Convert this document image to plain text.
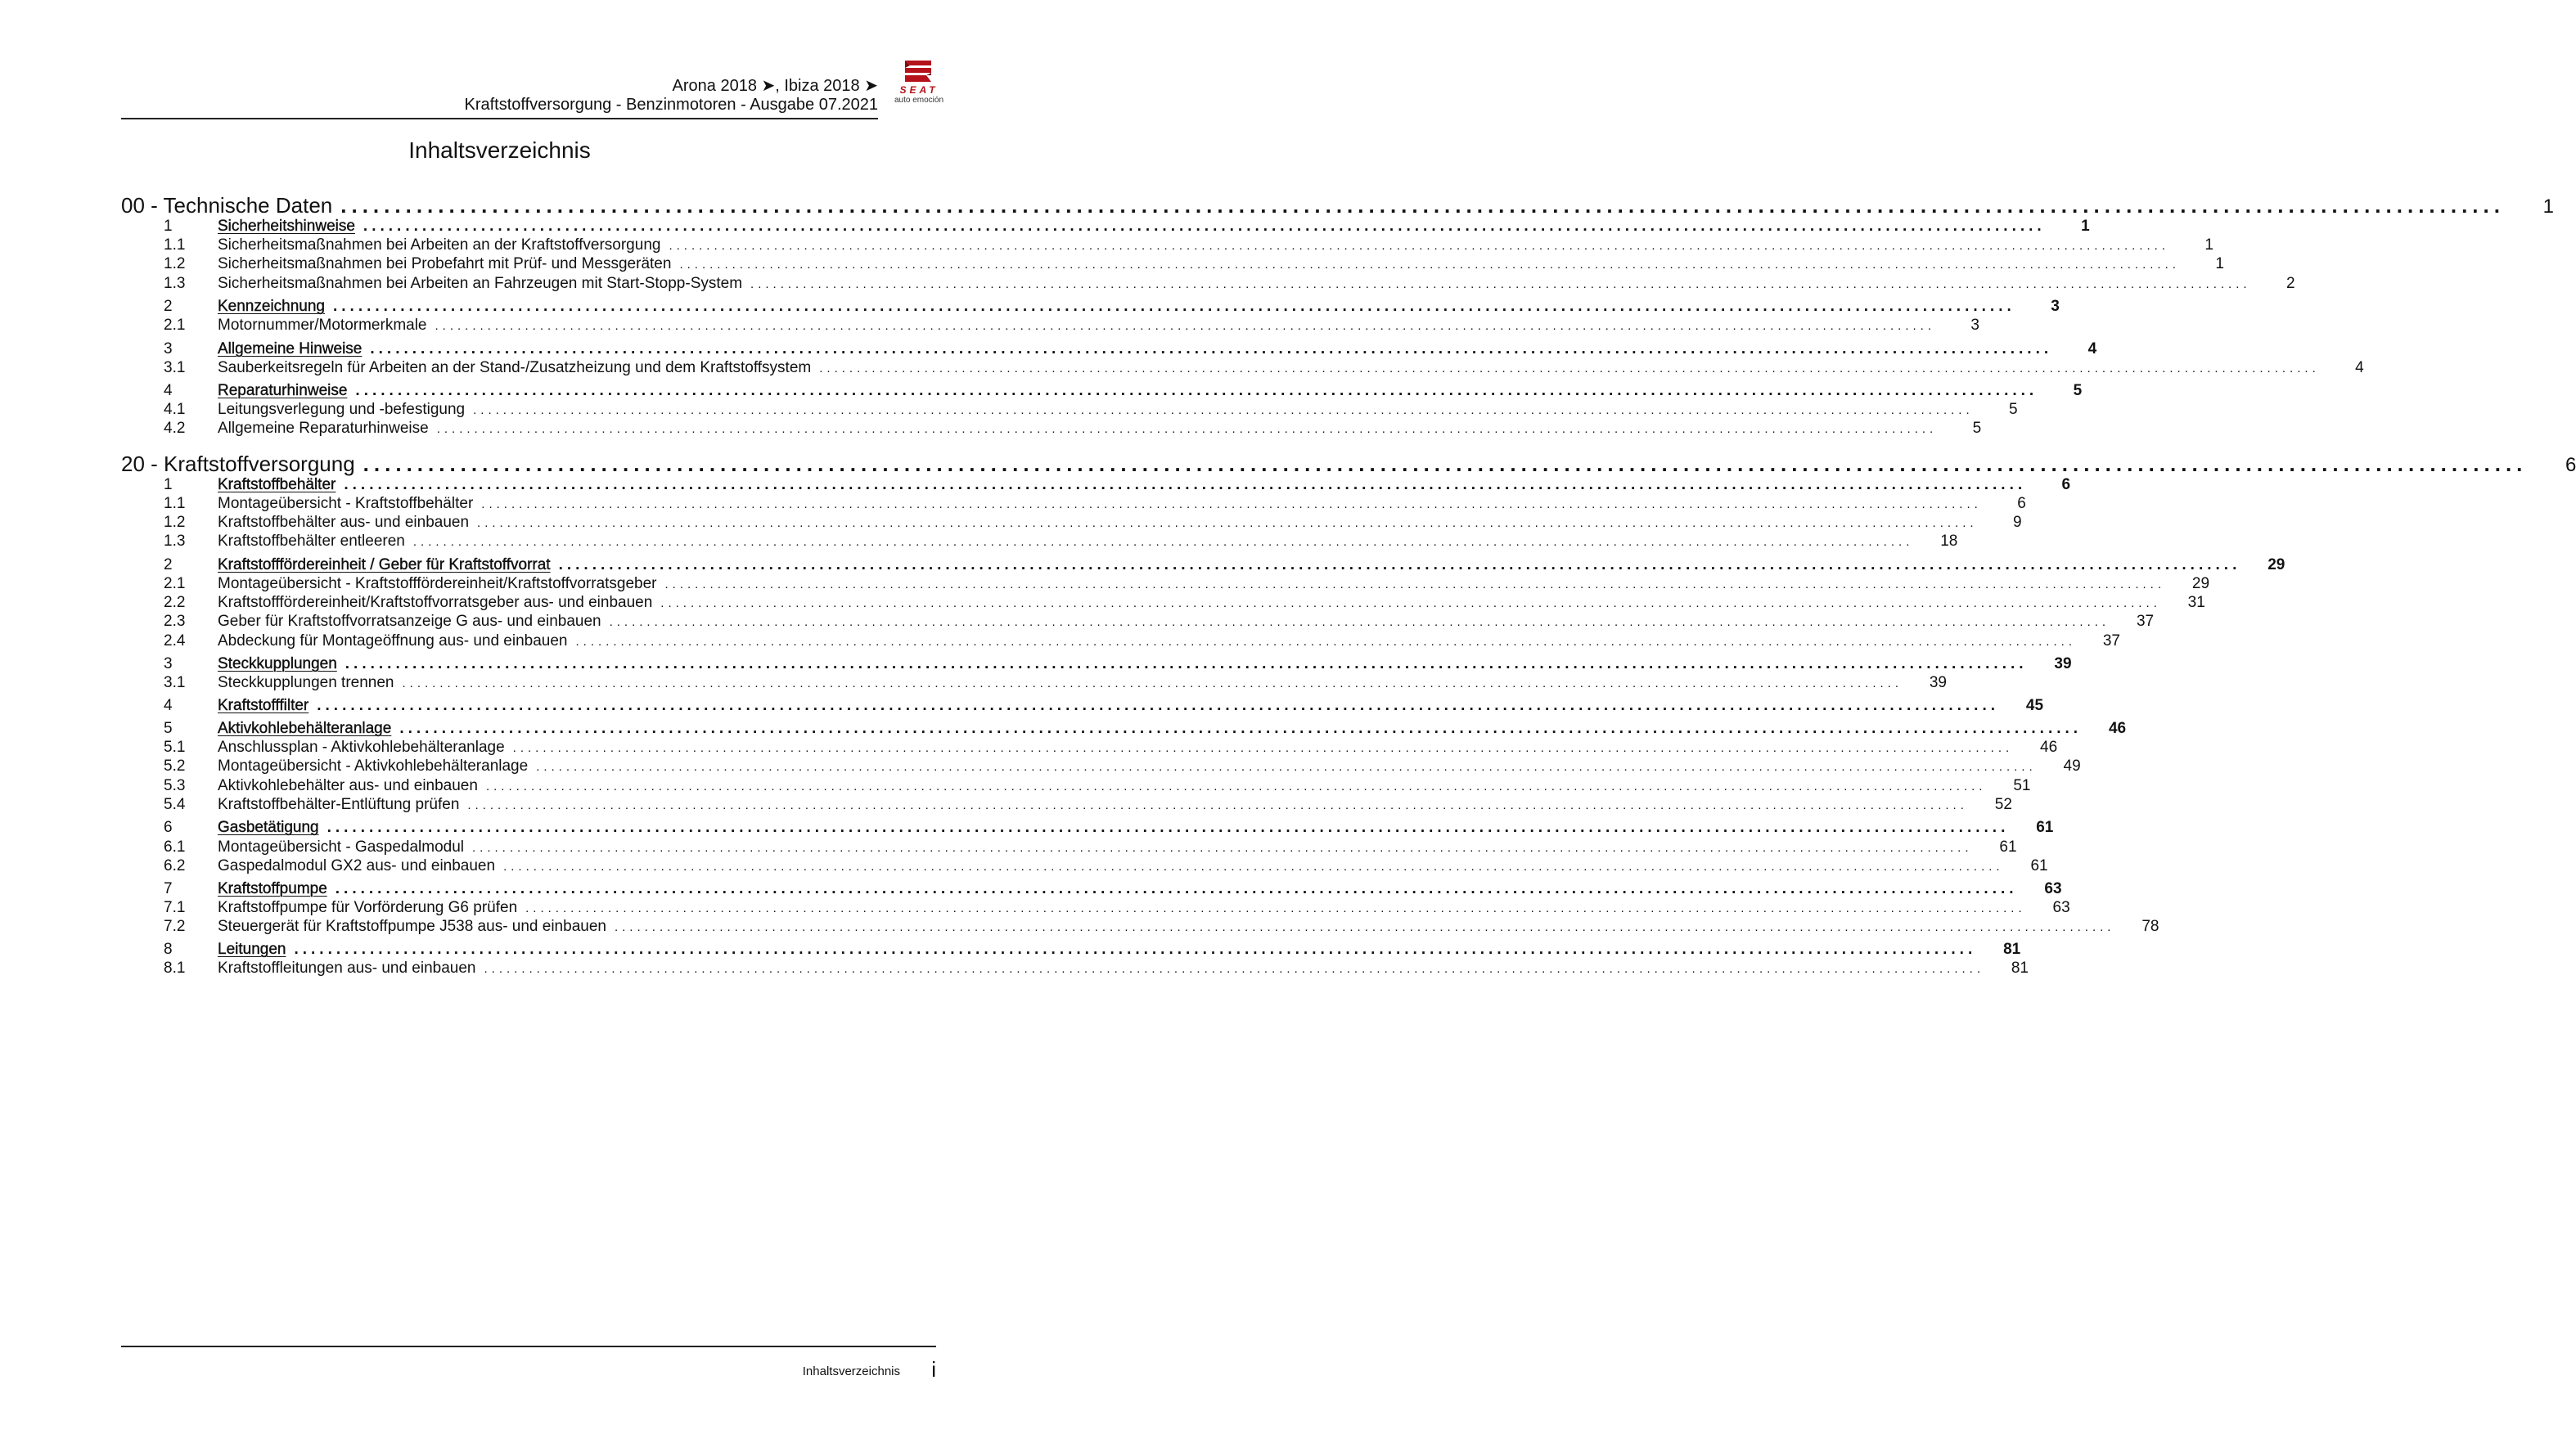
Arona 2018 ➤, Ibiza 2018 ➤
Kraftstoffversorgung - Benzinmotoren - Ausgabe 07.2021
SEAT
auto emoción
Inhaltsverzeichnis
00 - Technische Daten ........................................................................................................................................................................................................	1
1	Sicherheitshinweise ........................................................................................................................................................................................................	1
1.1	Sicherheitsmaßnahmen bei Arbeiten an der Kraftstoffversorgung ........................................................................................................................................................................................................	1
1.2	Sicherheitsmaßnahmen bei Probefahrt mit Prüf- und Messgeräten ........................................................................................................................................................................................................	1
1.3	Sicherheitsmaßnahmen bei Arbeiten an Fahrzeugen mit Start-Stopp-System ........................................................................................................................................................................................................	2
2	Kennzeichnung ........................................................................................................................................................................................................	3
2.1	Motornummer/Motormerkmale ........................................................................................................................................................................................................	3
3	Allgemeine Hinweise ........................................................................................................................................................................................................	4
3.1	Sauberkeitsregeln für Arbeiten an der Stand-/Zusatzheizung und dem Kraftstoffsystem ........................................................................................................................................................................................................	4
4	Reparaturhinweise ........................................................................................................................................................................................................	5
4.1	Leitungsverlegung und -befestigung ........................................................................................................................................................................................................	5
4.2	Allgemeine Reparaturhinweise ........................................................................................................................................................................................................	5
20 - Kraftstoffversorgung ........................................................................................................................................................................................................	6
1	Kraftstoffbehälter ........................................................................................................................................................................................................	6
1.1	Montageübersicht - Kraftstoffbehälter ........................................................................................................................................................................................................	6
1.2	Kraftstoffbehälter aus- und einbauen ........................................................................................................................................................................................................	9
1.3	Kraftstoffbehälter entleeren ........................................................................................................................................................................................................	18
2	Kraftstofffördereinheit / Geber für Kraftstoffvorrat ........................................................................................................................................................................................................	29
2.1	Montageübersicht - Kraftstofffördereinheit/Kraftstoffvorratsgeber ........................................................................................................................................................................................................	29
2.2	Kraftstofffördereinheit/Kraftstoffvorratsgeber aus- und einbauen ........................................................................................................................................................................................................	31
2.3	Geber für Kraftstoffvorratsanzeige G aus- und einbauen ........................................................................................................................................................................................................	37
2.4	Abdeckung für Montageöffnung aus- und einbauen ........................................................................................................................................................................................................	37
3	Steckkupplungen ........................................................................................................................................................................................................	39
3.1	Steckkupplungen trennen ........................................................................................................................................................................................................	39
4	Kraftstofffilter ........................................................................................................................................................................................................	45
5	Aktivkohlebehälteranlage ........................................................................................................................................................................................................	46
5.1	Anschlussplan - Aktivkohlebehälteranlage ........................................................................................................................................................................................................	46
5.2	Montageübersicht - Aktivkohlebehälteranlage ........................................................................................................................................................................................................	49
5.3	Aktivkohlebehälter aus- und einbauen ........................................................................................................................................................................................................	51
5.4	Kraftstoffbehälter-Entlüftung prüfen ........................................................................................................................................................................................................	52
6	Gasbetätigung ........................................................................................................................................................................................................	61
6.1	Montageübersicht - Gaspedalmodul ........................................................................................................................................................................................................	61
6.2	Gaspedalmodul GX2 aus- und einbauen ........................................................................................................................................................................................................	61
7	Kraftstoffpumpe ........................................................................................................................................................................................................	63
7.1	Kraftstoffpumpe für Vorförderung G6 prüfen ........................................................................................................................................................................................................	63
7.2	Steuergerät für Kraftstoffpumpe J538 aus- und einbauen ........................................................................................................................................................................................................	78
8	Leitungen ........................................................................................................................................................................................................	81
8.1	Kraftstoffleitungen aus- und einbauen ........................................................................................................................................................................................................	81
Inhaltsverzeichnis i
